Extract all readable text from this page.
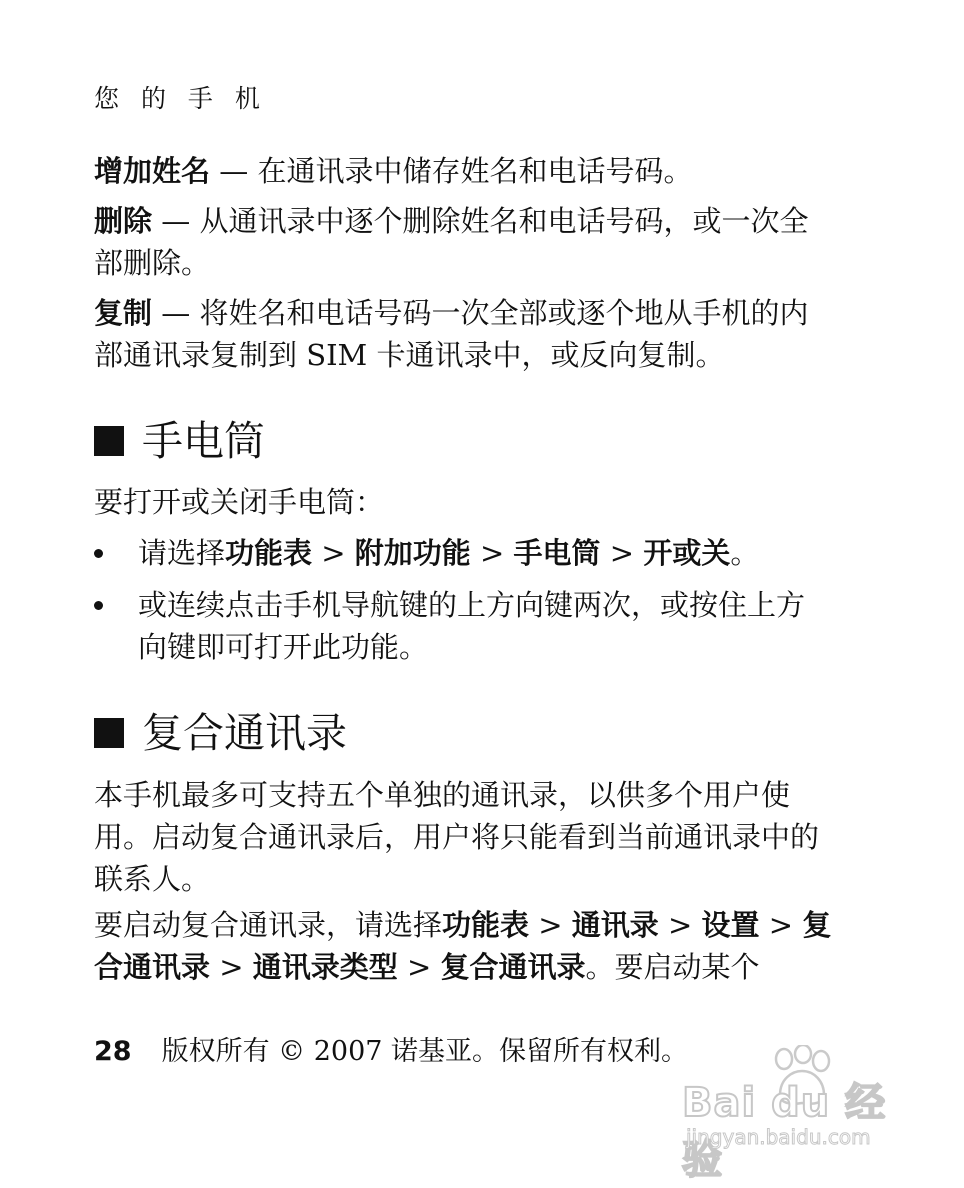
您 的 手 机

增加姓名 — 在通讯录中储存姓名和电话号码。

删除 — 从通讯录中逐个删除姓名和电话号码，或一次全部删除。

复制 — 将姓名和电话号码一次全部或逐个地从手机的内部通讯录复制到 SIM 卡通讯录中，或反向复制。

手电筒

要打开或关闭手电筒：

请选择功能表 > 附加功能 > 手电筒 > 开或关。
或连续点击手机导航键的上方向键两次，或按住上方向键即可打开此功能。
复合通讯录

本手机最多可支持五个单独的通讯录，以供多个用户使用。启动复合通讯录后，用户将只能看到当前通讯录中的联系人。

要启动复合通讯录，请选择功能表 > 通讯录 > 设置 > 复合通讯录 > 通讯录类型 > 复合通讯录。要启动某个

28 版权所有 © 2007 诺基亚。保留所有权利。
Bai du 经验
jingyan.baidu.com
